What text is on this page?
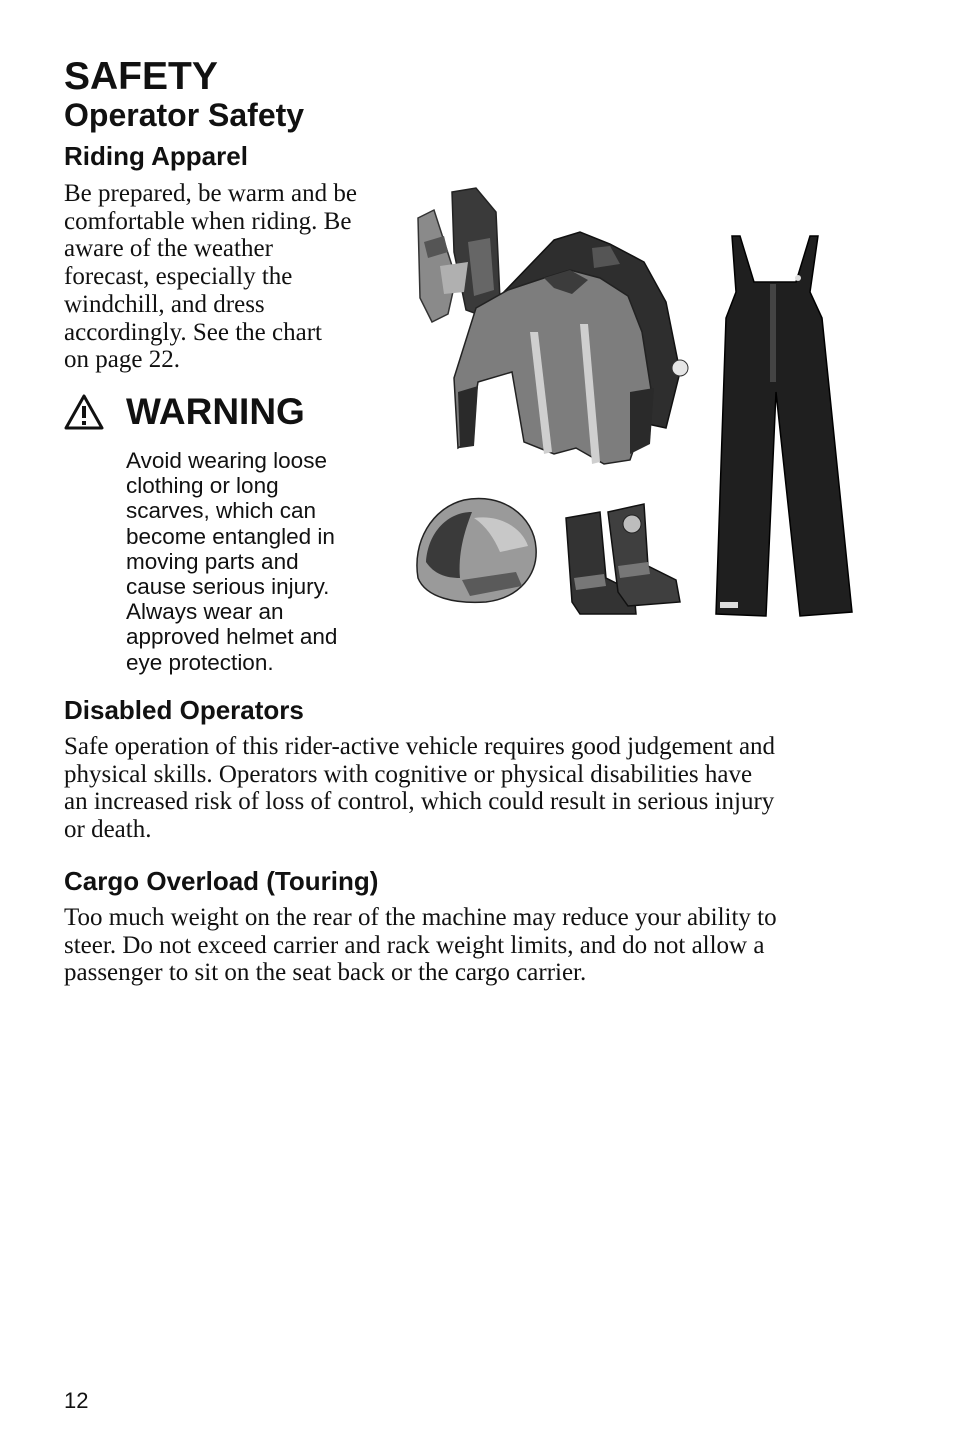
SAFETY
Operator Safety
Riding Apparel

Be prepared, be warm and be
comfortable when riding. Be
aware of the weather
forecast, especially the
windchill, and dress
accordingly. See the chart
on page 22.

WARNING

Avoid wearing loose
clothing or long
scarves, which can
become entangled in
moving parts and
cause serious injury.
Always wear an
approved helmet and
eye protection.

Disabled Operators

Safe operation of this rider-active vehicle requires good judgement and
physical skills. Operators with cognitive or physical disabilities have
an increased risk of loss of control, which could result in serious injury
or death.

Cargo Overload (Touring)

Too much weight on the rear of the machine may reduce your ability to
steer. Do not exceed carrier and rack weight limits, and do not allow a
passenger to sit on the seat back or the cargo carrier.

12
